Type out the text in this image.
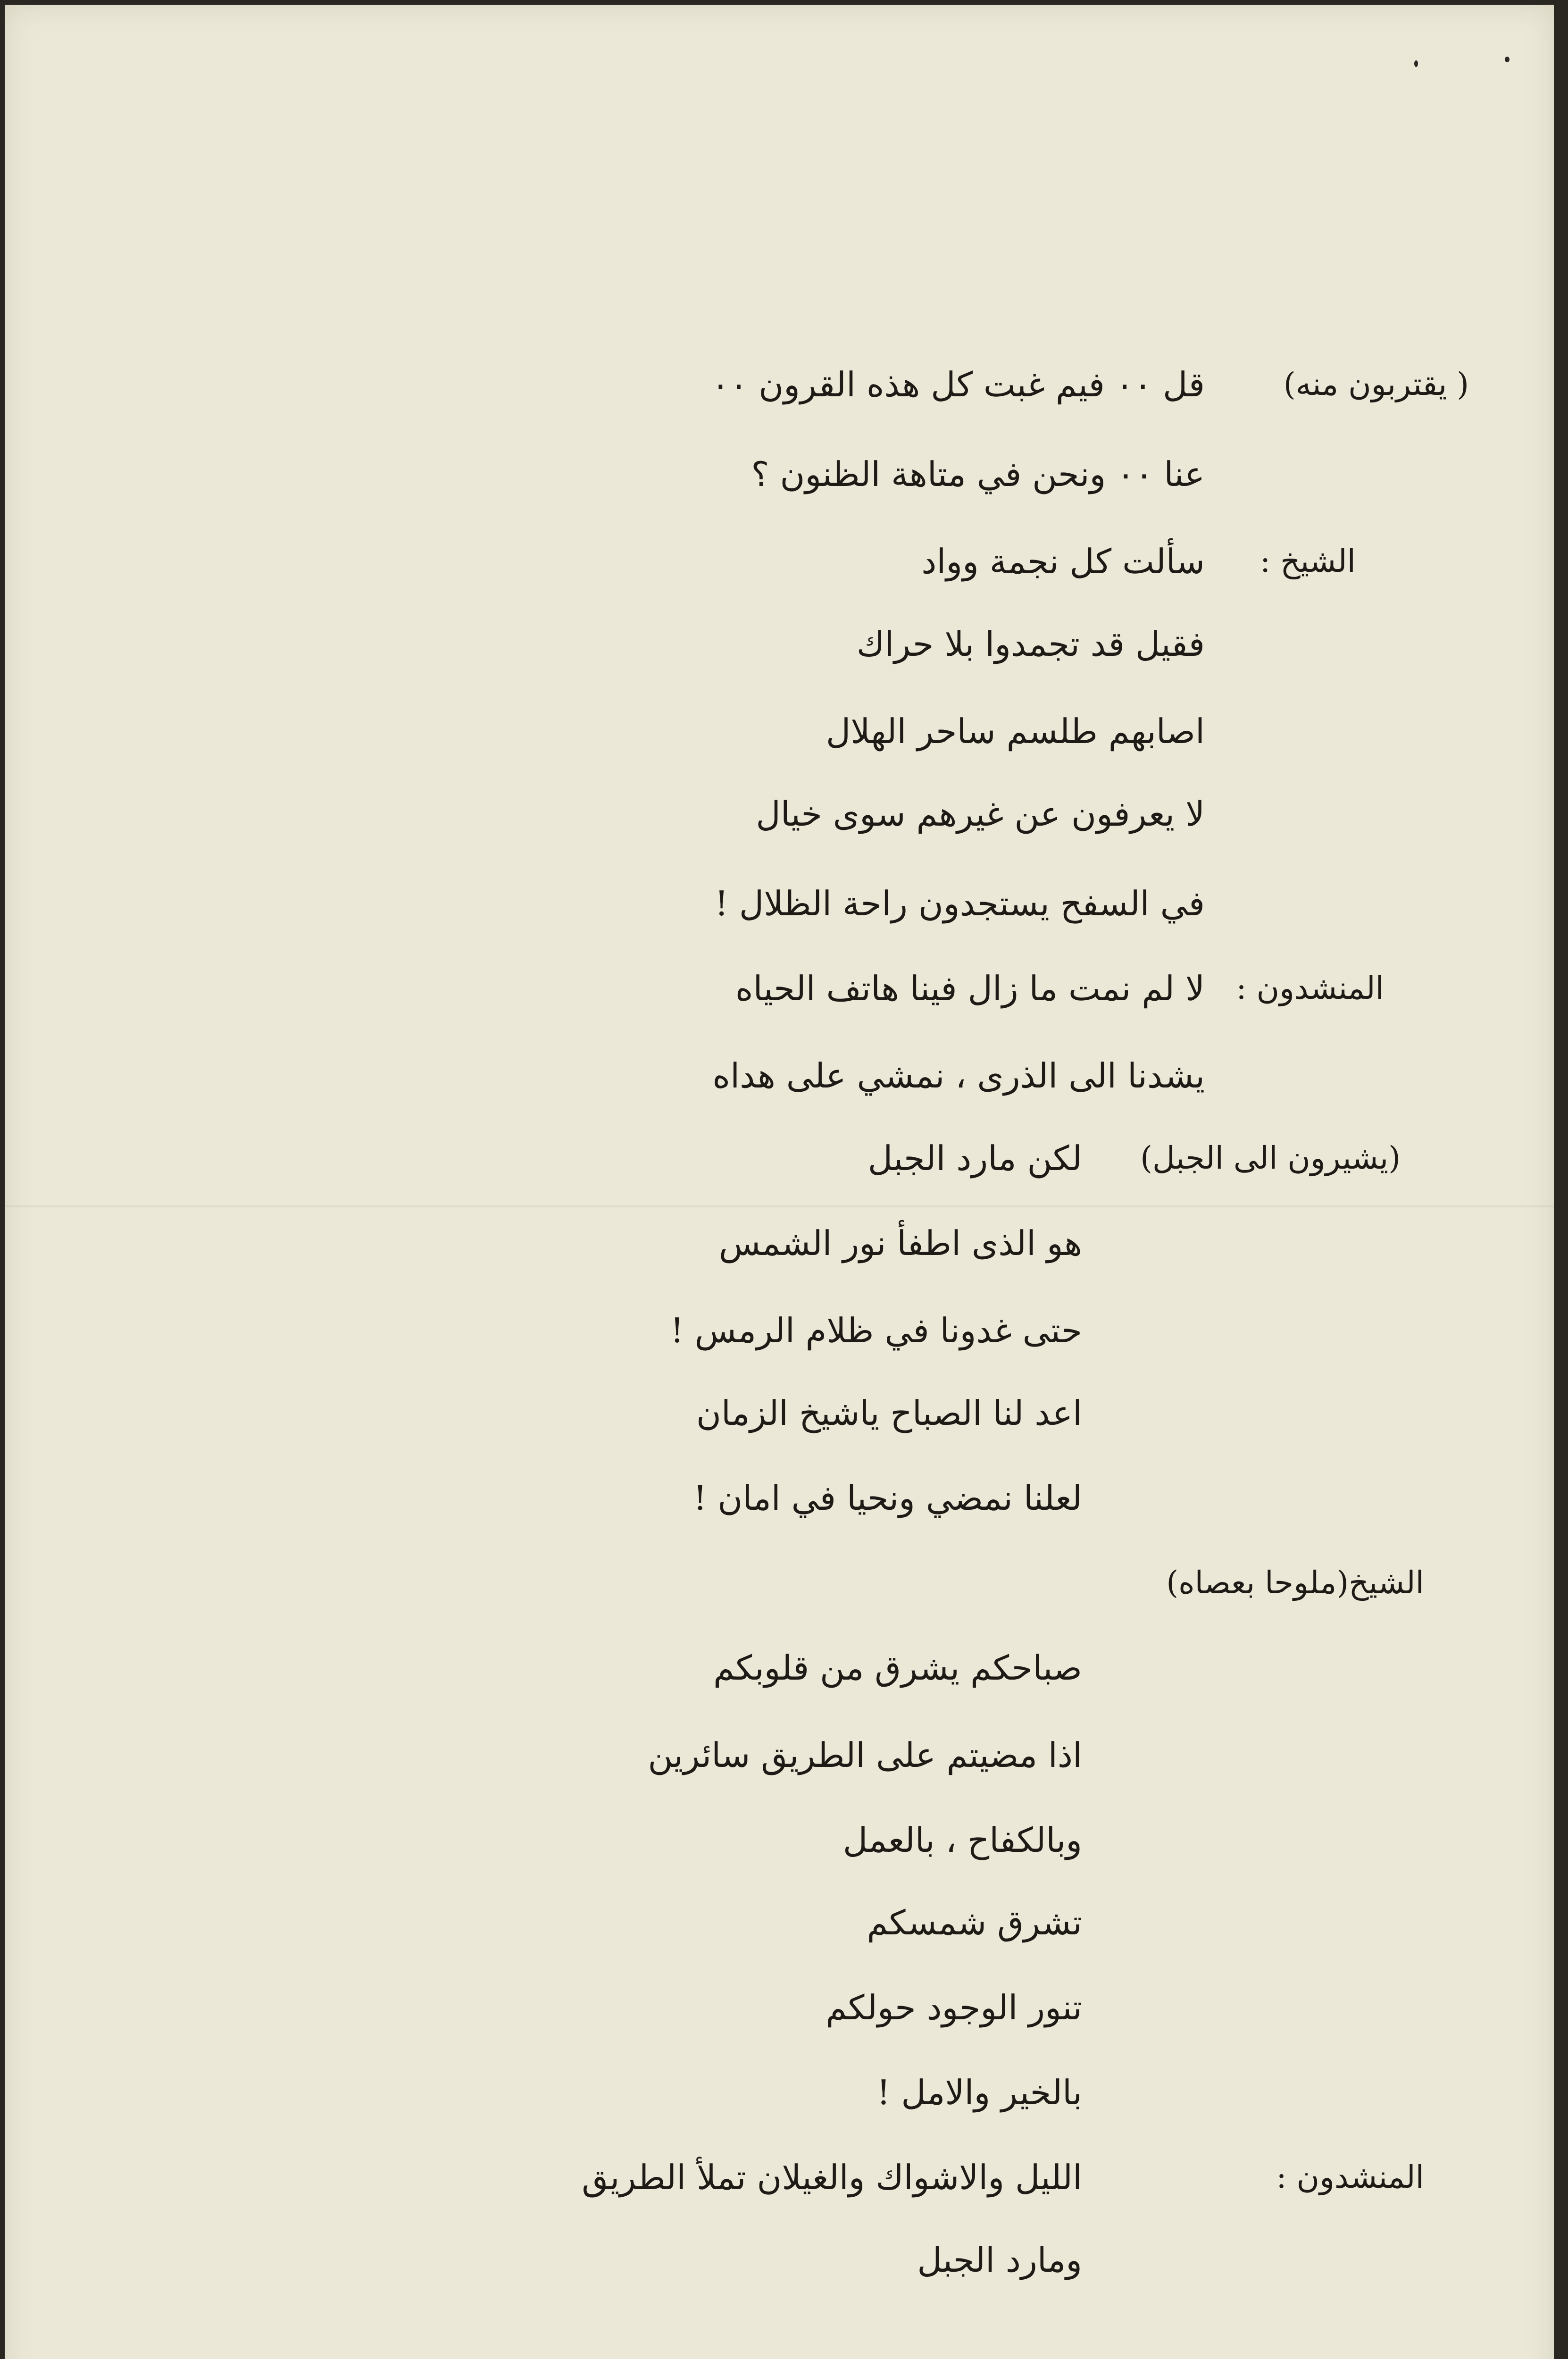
( يقتربون منه)
قل ٠٠ فيم غبت كل هذه القرون ٠٠
عنا ٠٠ ونحن في متاهة الظنون ؟
الشيخ :
سألت كل نجمة وواد
فقيل قد تجمدوا بلا حراك
اصابهم طلسم ساحر الهلال
لا يعرفون عن غيرهم سوى خيال
في السفح يستجدون راحة الظلال !
المنشدون :
لا لم نمت ما زال فينا هاتف الحياه
يشدنا الى الذرى ، نمشي على هداه
(يشيرون الى الجبل)
لكن مارد الجبل
هو الذى اطفأ نور الشمس
حتى غدونا في ظلام الرمس !
اعد لنا الصباح ياشيخ الزمان
لعلنا نمضي ونحيا في امان !
الشيخ(ملوحا بعصاه)
صباحكم يشرق من قلوبكم
اذا مضيتم على الطريق سائرين
وبالكفاح ، بالعمل
تشرق شمسكم
تنور الوجود حولكم
بالخير والامل !
المنشدون :
الليل والاشواك والغيلان تملأ الطريق
ومارد الجبل
